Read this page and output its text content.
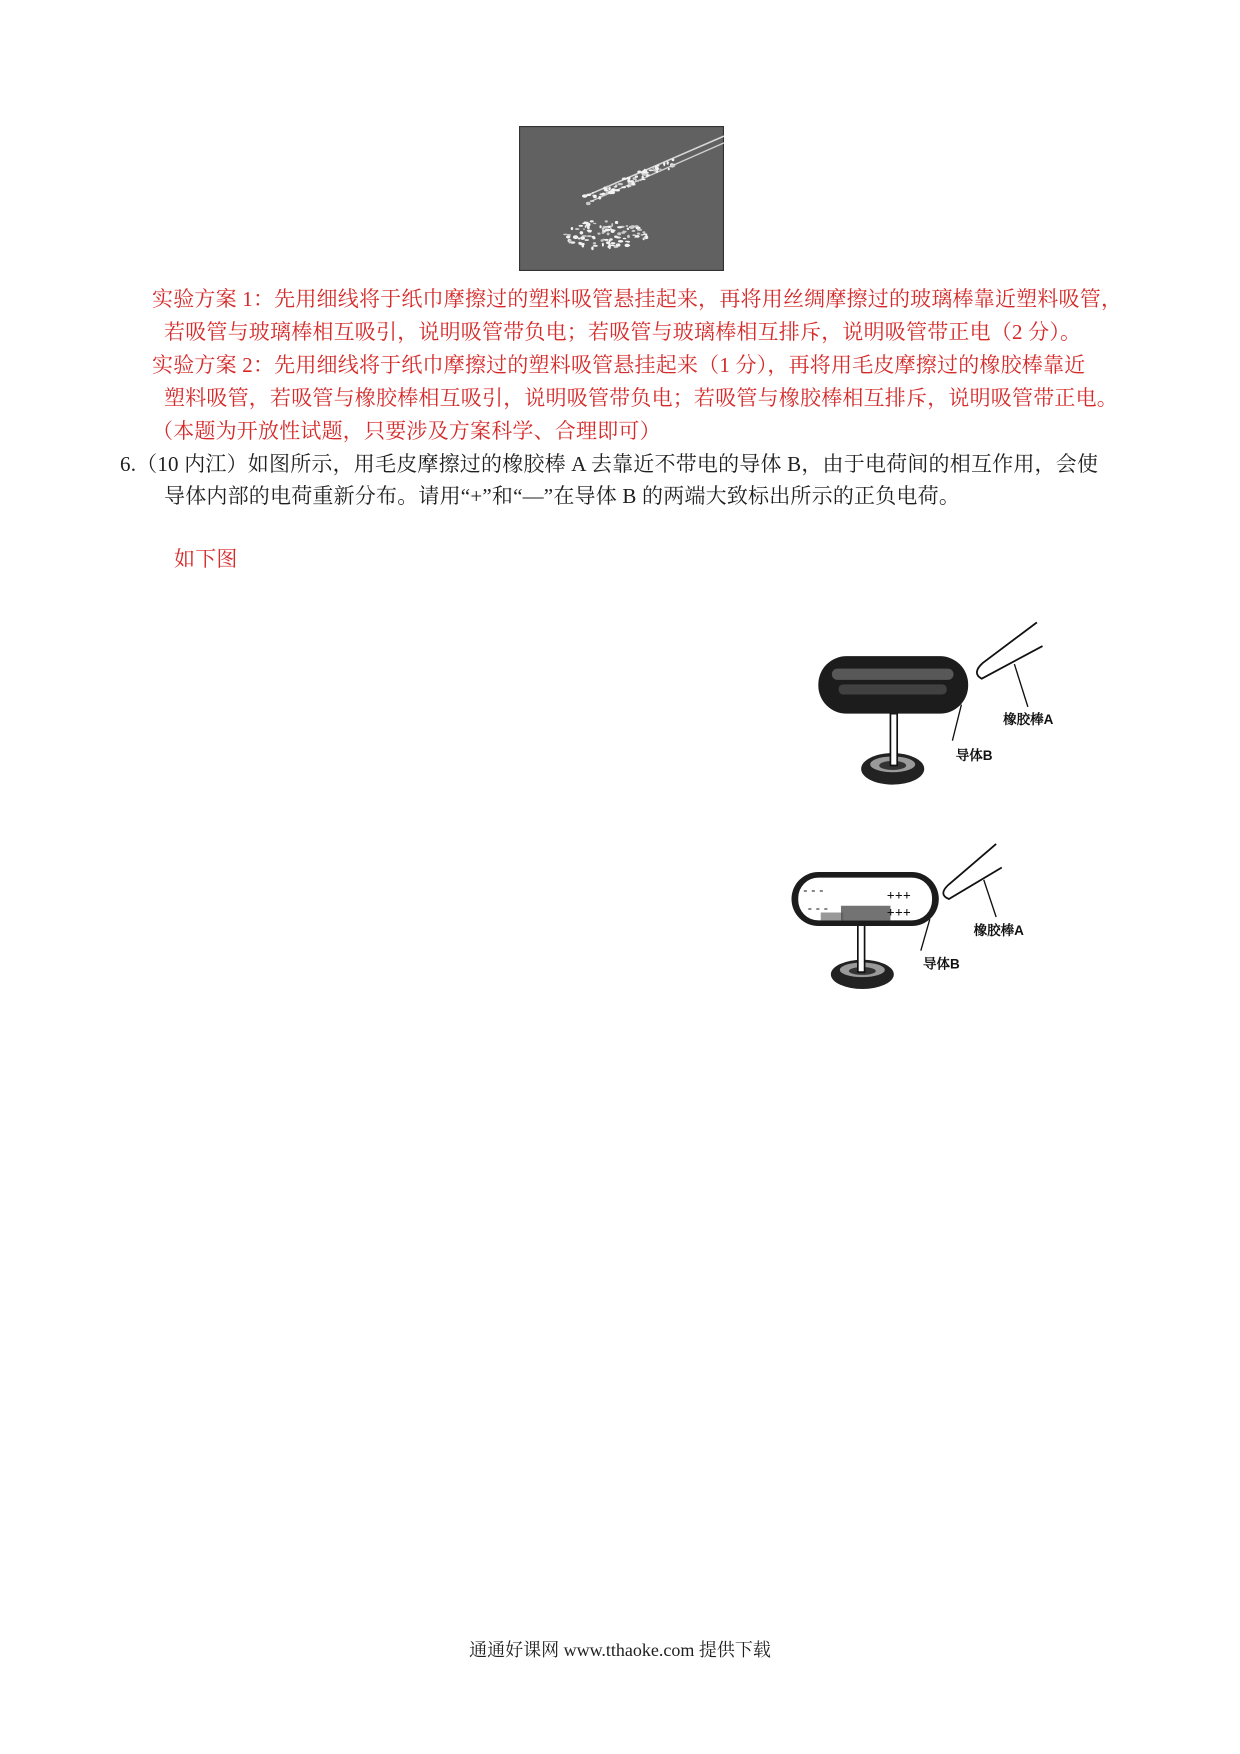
实验方案 1：先用细线将于纸巾摩擦过的塑料吸管悬挂起来，再将用丝绸摩擦过的玻璃棒靠近塑料吸管，
若吸管与玻璃棒相互吸引，说明吸管带负电；若吸管与玻璃棒相互排斥，说明吸管带正电（2 分）。
实验方案 2：先用细线将于纸巾摩擦过的塑料吸管悬挂起来（1 分），再将用毛皮摩擦过的橡胶棒靠近
塑料吸管，若吸管与橡胶棒相互吸引，说明吸管带负电；若吸管与橡胶棒相互排斥，说明吸管带正电。
（本题为开放性试题，只要涉及方案科学、合理即可）
6.（10 内江）如图所示，用毛皮摩擦过的橡胶棒 A 去靠近不带电的导体 B，由于电荷间的相互作用，会使
导体内部的电荷重新分布。请用“+”和“—”在导体 B 的两端大致标出所示的正负电荷。
如下图
橡胶棒A
导体B
---
---
+++
+++
橡胶棒A
导体B
通通好课网 www.tthaoke.com 提供下载
